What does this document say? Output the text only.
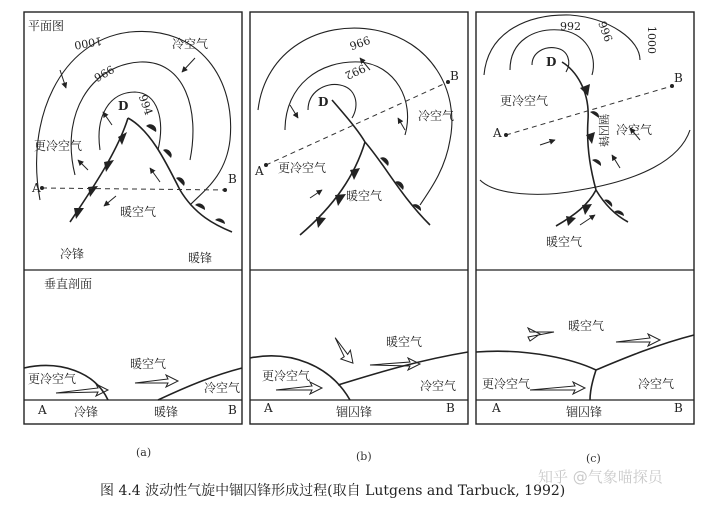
平面图
1000
996
994
D
A
B
冷空气
更冷空气
暖空气
冷锋	暖锋
垂直剖面
更冷空气
暖空气
冷空气
A 冷锋	暖锋	B
996
992
D
A
B
冷空气
更冷空气
暖空气
更冷空气
暖空气
冷空气
A	锢囚锋	B
992 996	1000
D
A
B
更冷空气
冷空气
暖空气
锢囚锋
暖空气
更冷空气	冷空气
A	锢囚锋	B
(a)	(b)	(c)
图 4.4 波动性气旋中锢囚锋形成过程(取自 Lutgens and Tarbuck, 1992)
知乎 @气象喵探员
